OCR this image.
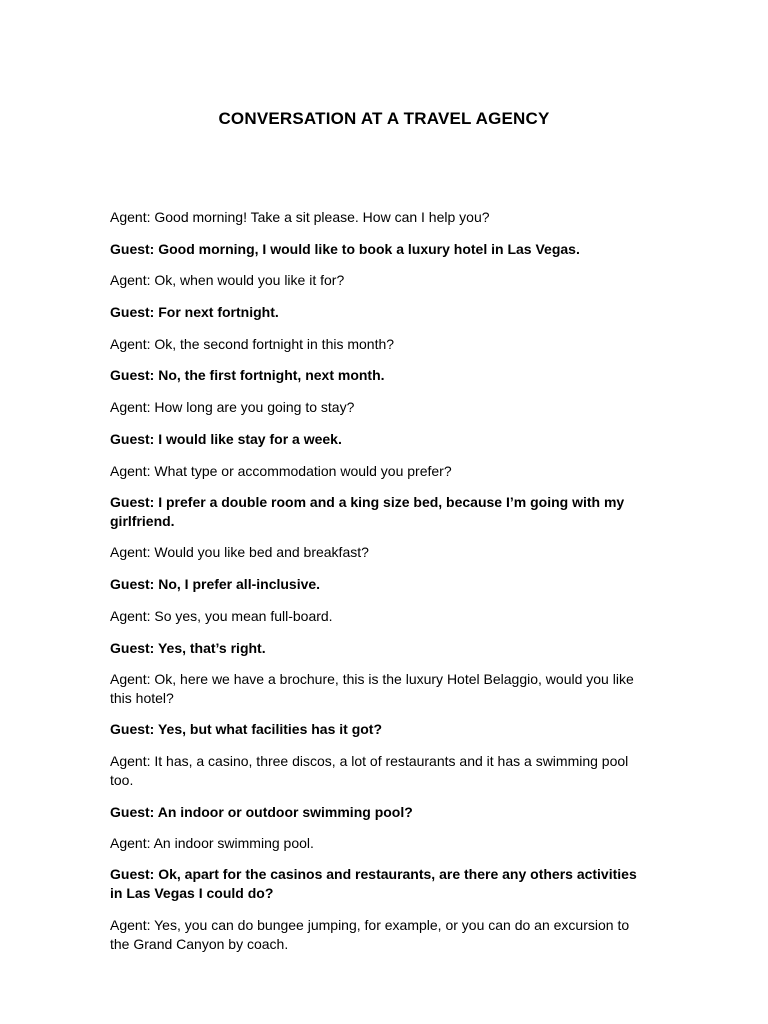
CONVERSATION AT A TRAVEL AGENCY
Agent: Good morning! Take a sit please. How can I help you?
Guest: Good morning, I would like to book a luxury hotel in Las Vegas.
Agent: Ok, when would you like it for?
Guest: For next fortnight.
Agent: Ok, the second fortnight in this month?
Guest: No, the first fortnight, next month.
Agent: How long are you going to stay?
Guest: I would like stay for a week.
Agent: What type or accommodation would you prefer?
Guest: I prefer a double room and a king size bed, because I’m going with my girlfriend.
Agent: Would you like bed and breakfast?
Guest: No, I prefer all-inclusive.
Agent: So yes, you mean full-board.
Guest: Yes, that’s right.
Agent: Ok, here we have a brochure, this is the luxury Hotel Belaggio, would you like this hotel?
Guest: Yes, but what facilities has it got?
Agent: It has, a casino, three discos, a lot of restaurants and it has a swimming pool too.
Guest: An indoor or outdoor swimming pool?
Agent: An indoor swimming pool.
Guest: Ok, apart for the casinos and restaurants, are there any others activities in Las Vegas I could do?
Agent: Yes, you can do bungee jumping, for example, or you can do an excursion to the Grand Canyon by coach.
